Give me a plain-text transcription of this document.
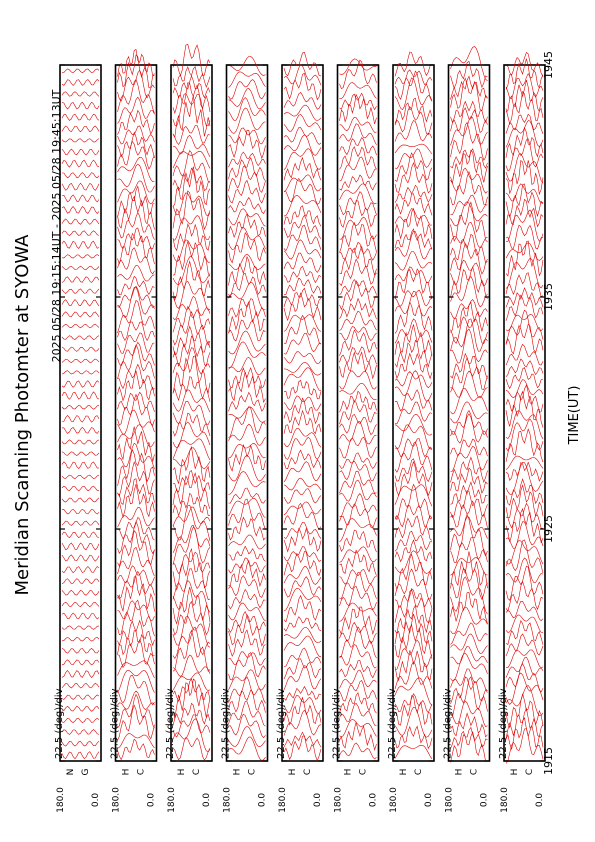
Meridian Scanning Photomter at SYOWA
2025 05/28 19:15:14UT - 2025 05/28 19:45:13UT
TIME(UT)
1915
1925
1935
1945
22.5 (deg)/div
180.0	0.0
N G
22.5 (deg)/div
180.0	0.0
H C
22.5 (deg)/div
180.0	0.0
H C
22.5 (deg)/div
180.0	0.0
H C
22.5 (deg)/div
180.0	0.0
H C
22.5 (deg)/div
180.0	0.0
H C
22.5 (deg)/div
180.0	0.0
H C
22.5 (deg)/div
180.0	0.0
H C
22.5 (deg)/div
180.0	0.0
H C
